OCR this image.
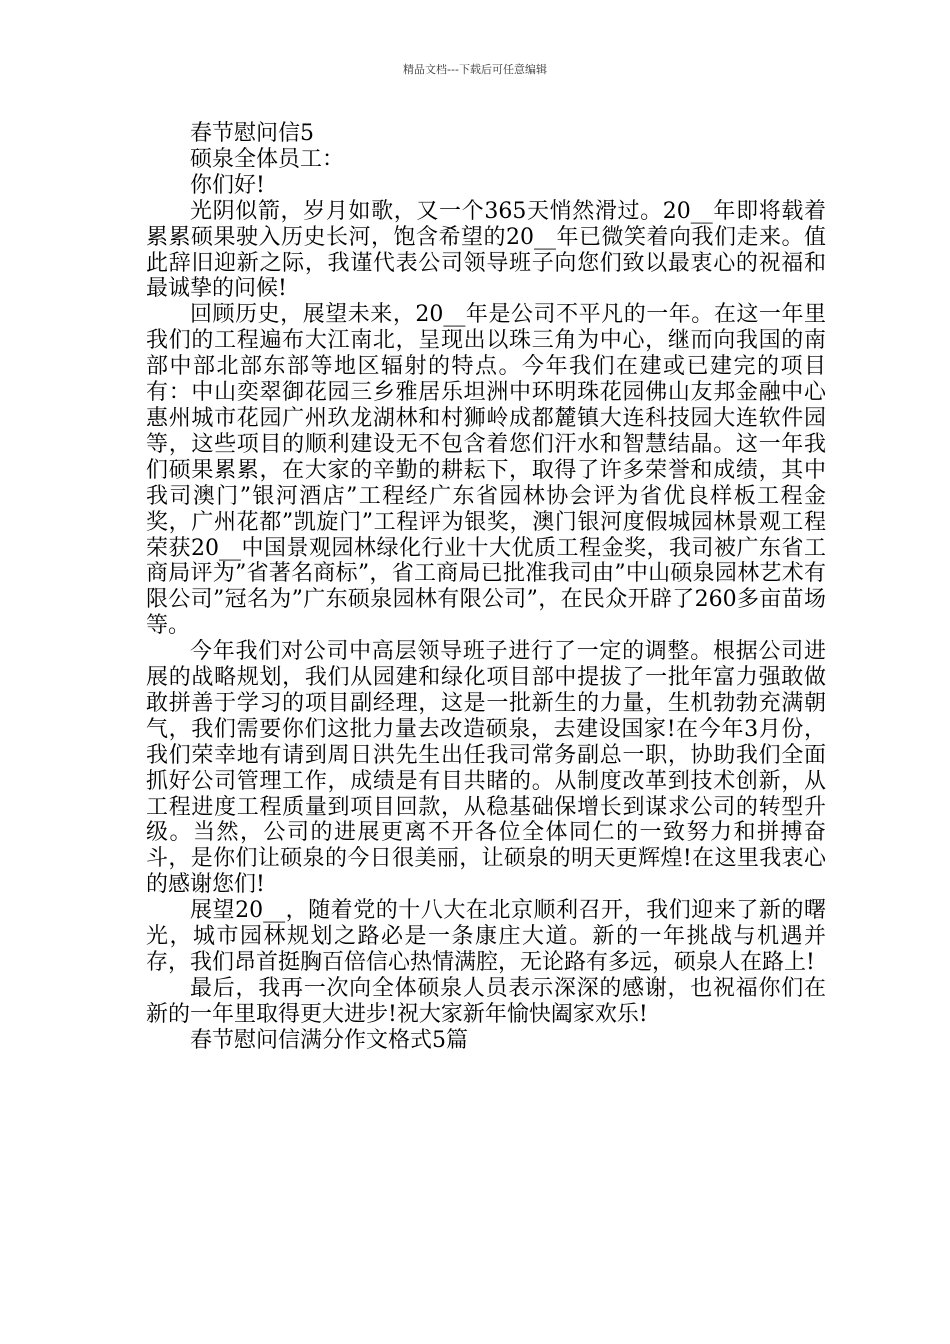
精品文档---下载后可任意编辑

春节慰问信5

硕泉全体员工：

你们好!

光阴似箭，岁月如歌，又一个365天悄然滑过。20__年即将载着累累硕果驶入历史长河，饱含希望的20__年已微笑着向我们走来。值此辞旧迎新之际，我谨代表公司领导班子向您们致以最衷心的祝福和最诚挚的问候!

回顾历史，展望未来，20__年是公司不平凡的一年。在这一年里我们的工程遍布大江南北，呈现出以珠三角为中心，继而向我国的南部中部北部东部等地区辐射的特点。今年我们在建或已建完的项目有：中山奕翠御花园三乡雅居乐坦洲中环明珠花园佛山友邦金融中心惠州城市花园广州玖龙湖林和村狮岭成都麓镇大连科技园大连软件园等，这些项目的顺利建设无不包含着您们汗水和智慧结晶。这一年我们硕果累累，在大家的辛勤的耕耘下，取得了许多荣誉和成绩，其中我司澳门”银河酒店”工程经广东省园林协会评为省优良样板工程金奖，广州花都”凯旋门”工程评为银奖，澳门银河度假城园林景观工程荣获20__中国景观园林绿化行业十大优质工程金奖，我司被广东省工商局评为”省著名商标”，省工商局已批准我司由”中山硕泉园林艺术有限公司”冠名为”广东硕泉园林有限公司”，在民众开辟了260多亩苗场等。

今年我们对公司中高层领导班子进行了一定的调整。根据公司进展的战略规划，我们从园建和绿化项目部中提拔了一批年富力强敢做敢拼善于学习的项目副经理，这是一批新生的力量，生机勃勃充满朝气，我们需要你们这批力量去改造硕泉，去建设国家!在今年3月份，我们荣幸地有请到周日洪先生出任我司常务副总一职，协助我们全面抓好公司管理工作，成绩是有目共睹的。从制度改革到技术创新，从工程进度工程质量到项目回款，从稳基础保增长到谋求公司的转型升级。当然，公司的进展更离不开各位全体同仁的一致努力和拼搏奋斗，是你们让硕泉的今日很美丽，让硕泉的明天更辉煌!在这里我衷心的感谢您们!

展望20__，随着党的十八大在北京顺利召开，我们迎来了新的曙光，城市园林规划之路必是一条康庄大道。新的一年挑战与机遇并存，我们昂首挺胸百倍信心热情满腔，无论路有多远，硕泉人在路上!

最后，我再一次向全体硕泉人员表示深深的感谢，也祝福你们在新的一年里取得更大进步!祝大家新年愉快阖家欢乐!

春节慰问信满分作文格式5篇
